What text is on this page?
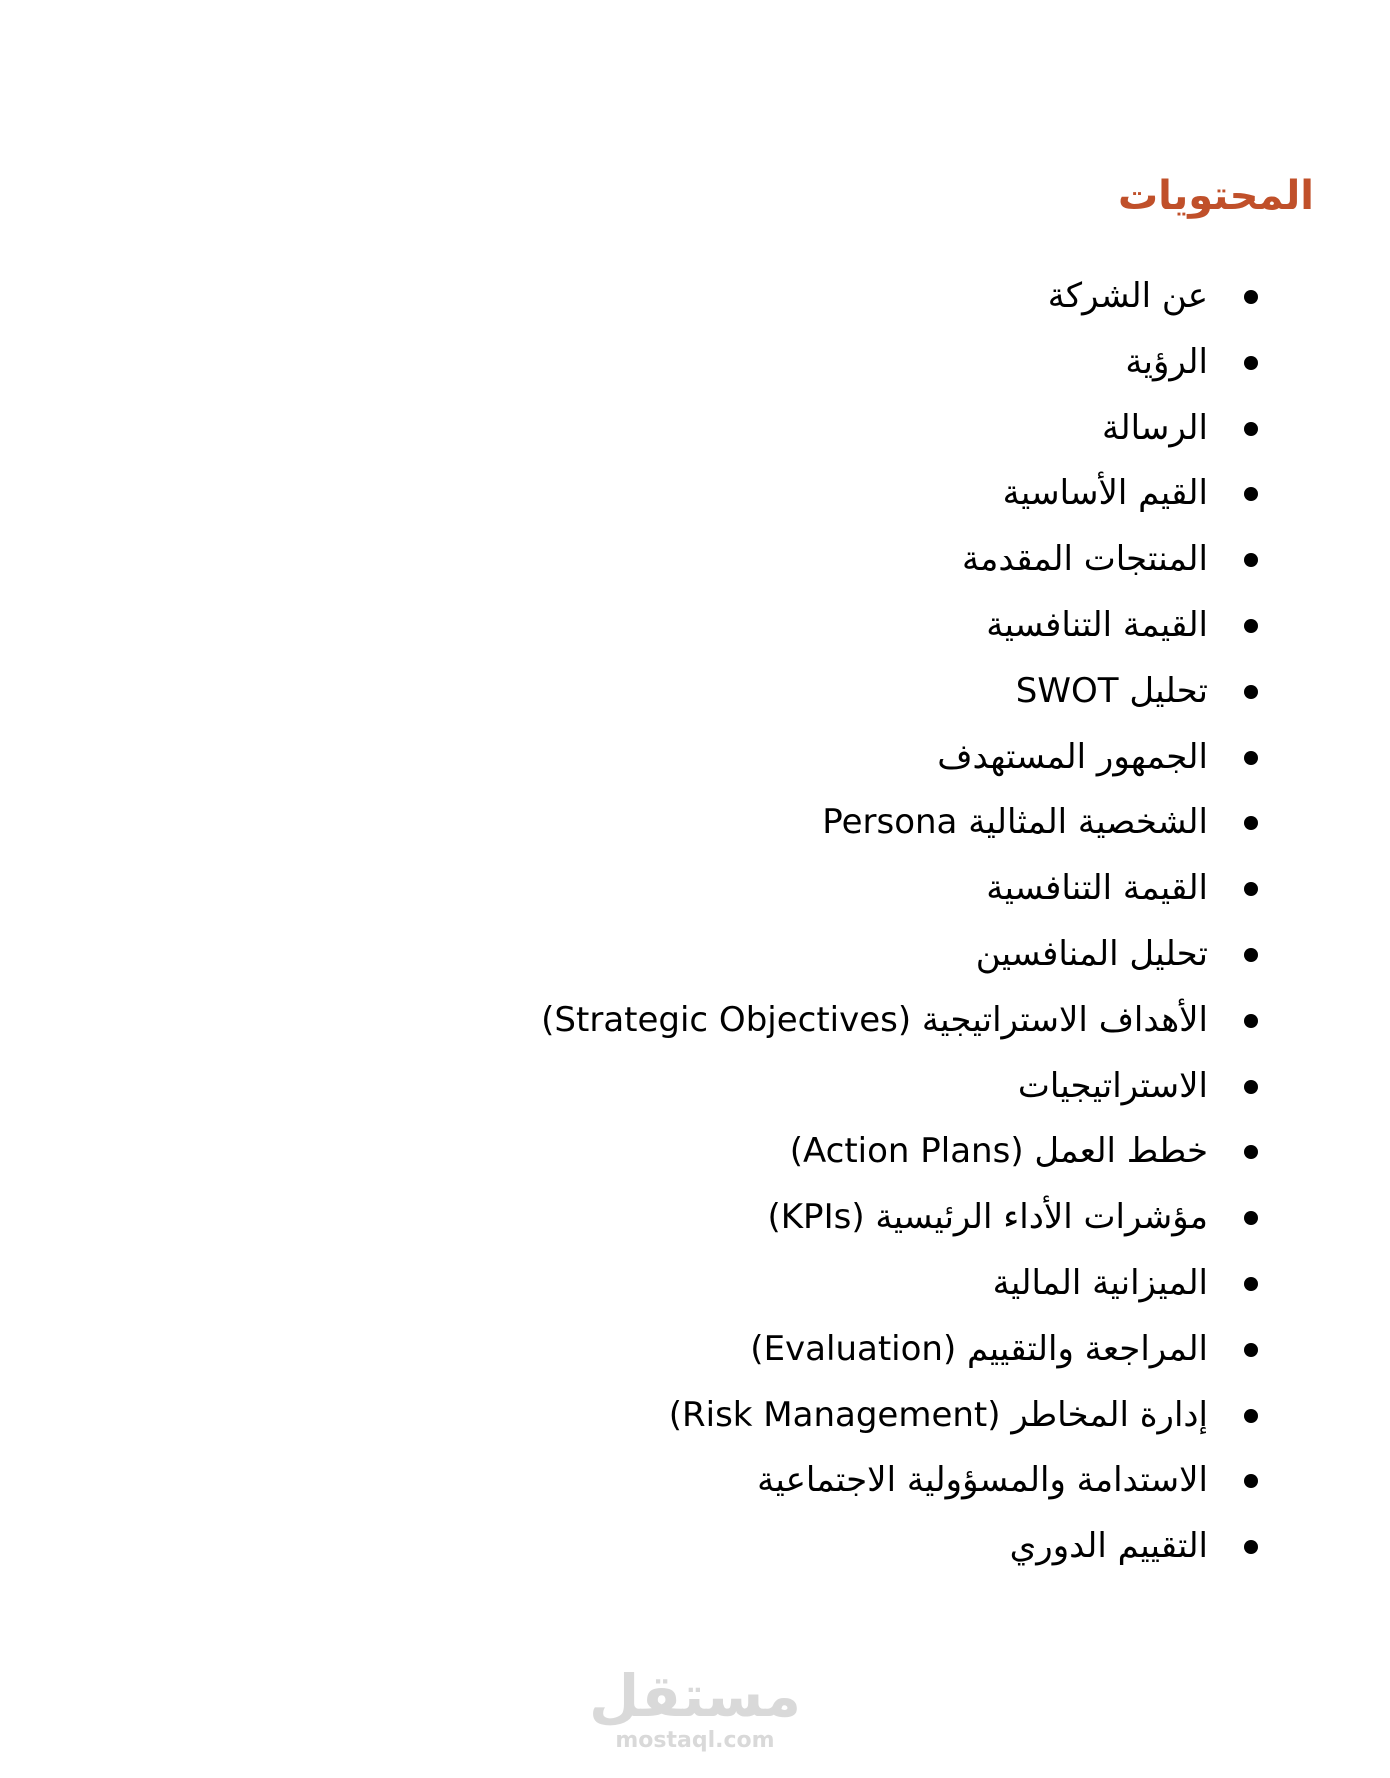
المحتويات
عن الشركة
الرؤية
الرسالة
القيم الأساسية
المنتجات المقدمة
القيمة التنافسية
تحليل SWOT
الجمهور المستهدف
الشخصية المثالية Persona
القيمة التنافسية
تحليل المنافسين
الأهداف الاستراتيجية (Strategic Objectives)
الاستراتيجيات
خطط العمل (Action Plans)
مؤشرات الأداء الرئيسية (KPIs)
الميزانية المالية
المراجعة والتقييم (Evaluation)
إدارة المخاطر (Risk Management)
الاستدامة والمسؤولية الاجتماعية
التقييم الدوري
مستقل
mostaql.com
